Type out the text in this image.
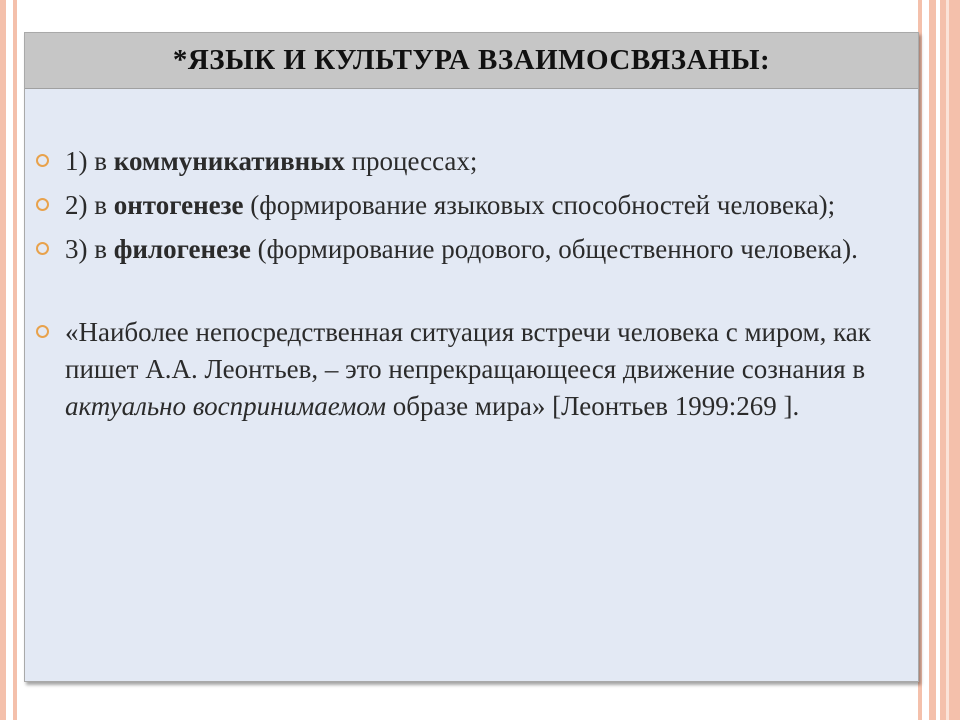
*ЯЗЫК И КУЛЬТУРА ВЗАИМОСВЯЗАНЫ:
1) в коммуникативных процессах;
2) в онтогенезе (формирование языковых способностей человека);
3) в филогенезе (формирование родового, общественного человека).
«Наиболее непосредственная ситуация встречи человека с миром, как пишет А.А. Леонтьев, – это непрекращающееся движение сознания в актуально воспринимаемом образе мира» [Леонтьев 1999:269 ].
